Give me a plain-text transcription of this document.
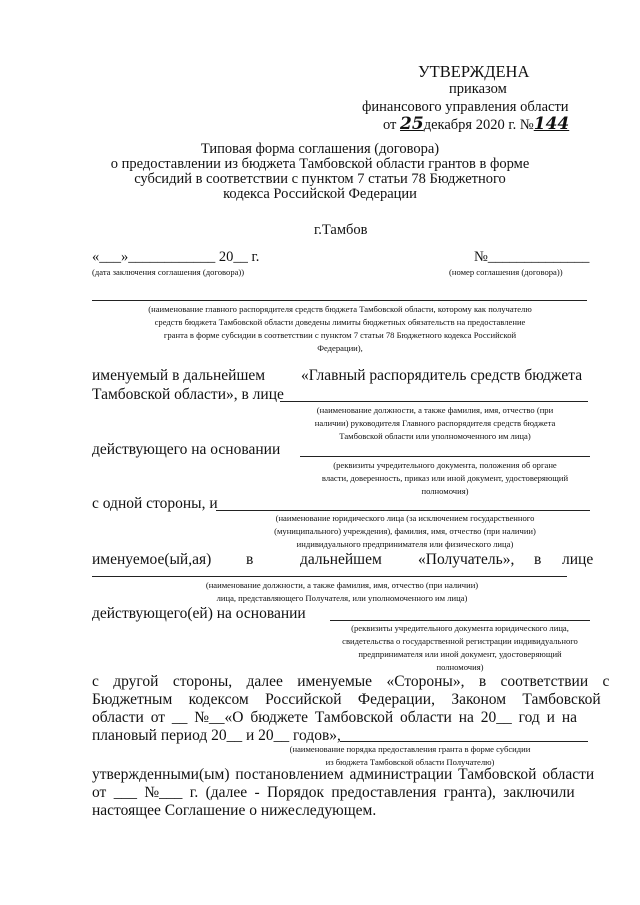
УТВЕРЖДЕНА
приказом
финансового управления области
от 25декабря 2020 г. №144
Типовая форма соглашения (договора)
о предоставлении из бюджета Тамбовской области грантов в форме
субсидий в соответствии с пунктом 7 статьи 78 Бюджетного
кодекса Российской Федерации
г.Тамбов
«___»____________ 20__ г.
(дата заключения соглашения (договора))
№______________
(номер соглашения (договора))
(наименование главного распорядителя средств бюджета Тамбовской области, которому как получателю
средств бюджета Тамбовской области доведены лимиты бюджетных обязательств на предоставление
гранта в форме субсидии в соответствии с пунктом 7 статьи 78 Бюджетного кодекса Российской
Федерации),
именуемый в дальнейшем «Главный распорядитель средств бюджета
Тамбовской области», в лице
(наименование должности, а также фамилия, имя, отчество (при
наличии) руководителя Главного распорядителя средств бюджета
Тамбовской области или уполномоченного им лица)
действующего на основании
(реквизиты учредительного документа, положения об органе
власти, доверенность, приказ или иной документ, удостоверяющий
полномочия)
с одной стороны, и
(наименование юридического лица (за исключением государственного
(муниципального) учреждения), фамилия, имя, отчество (при наличии)
индивидуального предпринимателя или физического лица)
именуемое(ый,ая) в	дальнейшем «Получатель», в лице
(наименование должности, а также фамилия, имя, отчество (при наличии)
лица, представляющего Получателя, или уполномоченного им лица)
действующего(ей) на основании
(реквизиты учредительного документа юридического лица,
свидетельства о государственной регистрации индивидуального
предпринимателя или иной документ, удостоверяющий
полномочия)
с другой стороны, далее именуемые «Стороны», в соответствии с
Бюджетным кодексом Российской Федерации, Законом Тамбовской
области от __ №__«О бюджете Тамбовской области на 20__ год и на
плановый период 20__ и 20__ годов»,
(наименование порядка предоставления гранта в форме субсидии
из бюджета Тамбовской области Получателю)
утвержденными(ым) постановлением администрации Тамбовской области
от ___ №___ г. (далее - Порядок предоставления гранта), заключили
настоящее Соглашение о нижеследующем.
